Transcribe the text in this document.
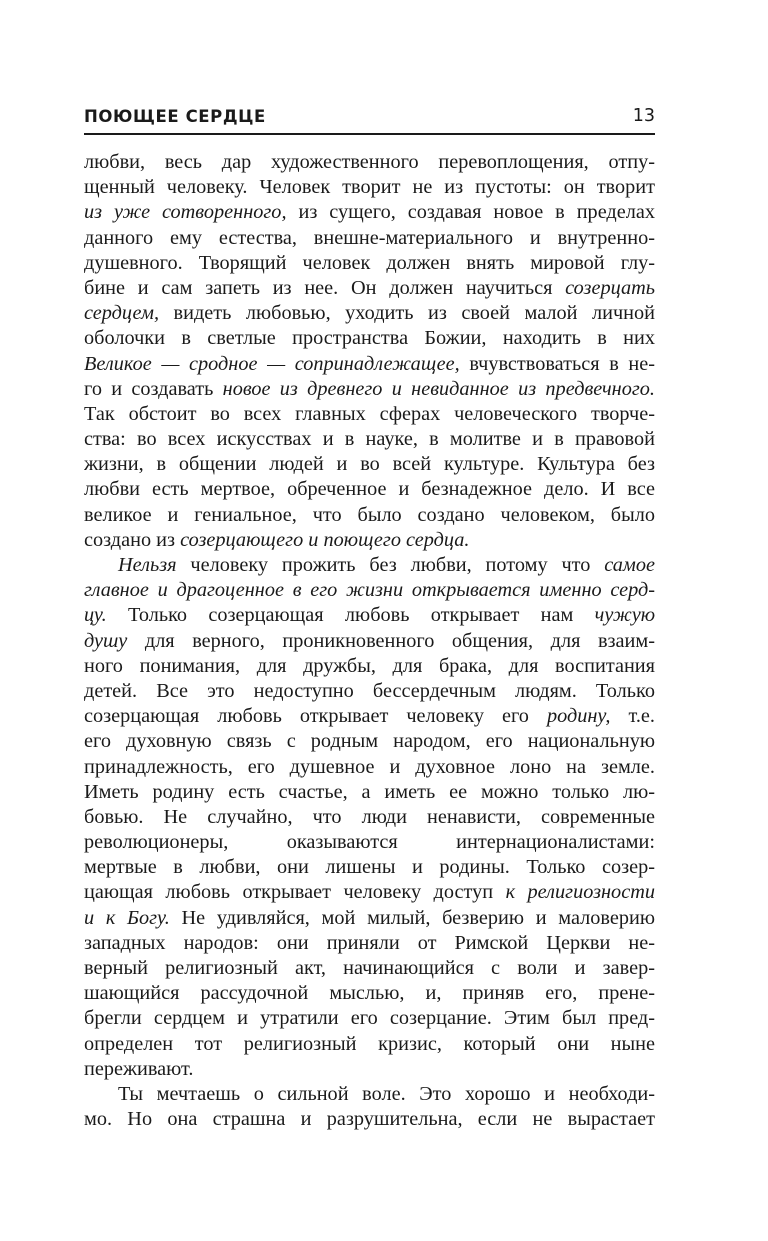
ПОЮЩЕЕ СЕРДЦЕ	13
любви, весь дар художественного перевоплощения, отпу-
щенный человеку. Человек творит не из пустоты: он творит
из уже сотворенного, из сущего, создавая новое в пределах
данного ему естества, внешне-материального и внутренно-
душевного. Творящий человек должен внять мировой глу-
бине и сам запеть из нее. Он должен научиться созерцать
сердцем, видеть любовью, уходить из своей малой личной
оболочки в светлые пространства Божии, находить в них
Великое — сродное — сопринадлежащее, вчувствоваться в не-
го и создавать новое из древнего и невиданное из предвечного.
Так обстоит во всех главных сферах человеческого творче-
ства: во всех искусствах и в науке, в молитве и в правовой
жизни, в общении людей и во всей культуре. Культура без
любви есть мертвое, обреченное и безнадежное дело. И все
великое и гениальное, что было создано человеком, было
создано из созерцающего и поющего сердца.
Нельзя человеку прожить без любви, потому что самое
главное и драгоценное в его жизни открывается именно серд-
цу. Только созерцающая любовь открывает нам чужую
душу для верного, проникновенного общения, для взаим-
ного понимания, для дружбы, для брака, для воспитания
детей. Все это недоступно бессердечным людям. Только
созерцающая любовь открывает человеку его родину, т.е.
его духовную связь с родным народом, его национальную
принадлежность, его душевное и духовное лоно на земле.
Иметь родину есть счастье, а иметь ее можно только лю-
бовью. Не случайно, что люди ненависти, современные
революционеры, оказываются интернационалистами:
мертвые в любви, они лишены и родины. Только созер-
цающая любовь открывает человеку доступ к религиозности
и к Богу. Не удивляйся, мой милый, безверию и маловерию
западных народов: они приняли от Римской Церкви не-
верный религиозный акт, начинающийся с воли и завер-
шающийся рассудочной мыслью, и, приняв его, прене-
брегли сердцем и утратили его созерцание. Этим был пред-
определен тот религиозный кризис, который они ныне
переживают.
Ты мечтаешь о сильной воле. Это хорошо и необходи-
мо. Но она страшна и разрушительна, если не вырастает
